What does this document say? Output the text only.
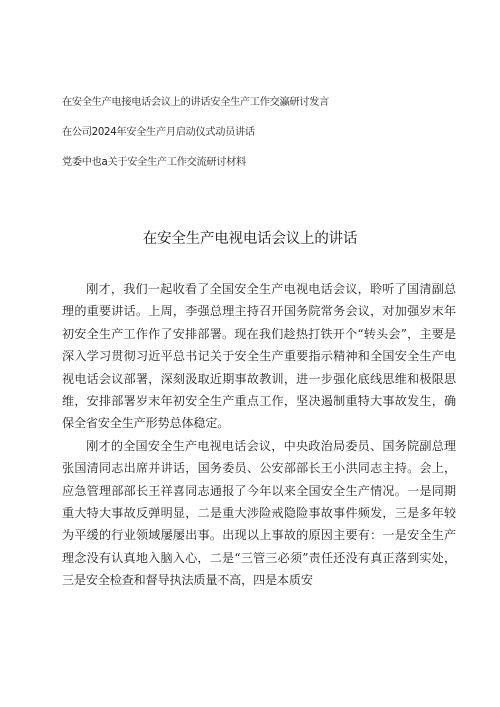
在安全生产电接电话会议上的讲话安全生产工作交瀛研讨发言
在公司2024年安全生产月启动仪式动员讲话
党委中也a关于安全生产工作交流研讨材料
在安全生产电视电话会议上的讲话

刚才，我们一起收看了全国安全生产电视电话会议，聆听了国清副总理的重要讲话。上周，李强总理主持召开国务院常务会议，对加强岁末年初安全生产工作作了安排部署。现在我们趁热打铁开个“转头会”，主要是深入学习贯彻习近平总书记关于安全生产重要指示精神和全国安全生产电视电话会议部署，深刻汲取近期事故教训，进一步强化底线思维和极限思维，安排部署岁末年初安全生产重点工作，坚决遏制重特大事故发生，确保全省安全生产形势总体稳定。

刚才的全国安全生产电视电话会议，中央政治局委员、国务院副总理张国清同志出席并讲话，国务委员、公安部部长王小洪同志主持。会上，应急管理部部长王祥喜同志通报了今年以来全国安全生产情况。一是同期重大特大事故反弹明显，二是重大涉险戒隐险事故事件频发，三是多年较为平缓的行业领域屡屡出事。出现以上事故的原因主要有：一是安全生产理念没有认真地入脑入心，二是“三管三必须”责任还没有真正落到实处，三是安全检查和督导执法质量不高，四是本质安
